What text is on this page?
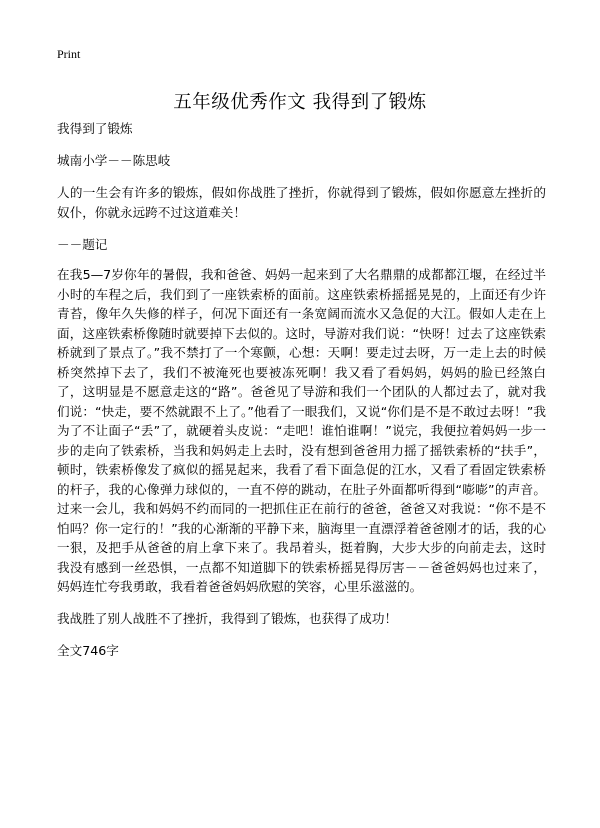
Print
五年级优秀作文 我得到了锻炼

我得到了锻炼

城南小学－－陈思岐

人的一生会有许多的锻炼，假如你战胜了挫折，你就得到了锻炼，假如你愿意左挫折的奴仆，你就永远跨不过这道难关！

－－题记

在我5—7岁你年的暑假，我和爸爸、妈妈一起来到了大名鼎鼎的成都都江堰，在经过半小时的车程之后，我们到了一座铁索桥的面前。这座铁索桥摇摇晃晃的，上面还有少许青苔，像年久失修的样子，何况下面还有一条宽阔而流水又急促的大江。假如人走在上面，这座铁索桥像随时就要掉下去似的。这时，导游对我们说：“快呀！过去了这座铁索桥就到了景点了。”我不禁打了一个寒颤，心想：天啊！要走过去呀，万一走上去的时候桥突然掉下去了，我们不被淹死也要被冻死啊！我又看了看妈妈，妈妈的脸已经煞白了，这明显是不愿意走这的“路”。爸爸见了导游和我们一个团队的人都过去了，就对我们说：“快走，要不然就跟不上了。”他看了一眼我们，又说“你们是不是不敢过去呀！”我为了不让面子“丢”了，就硬着头皮说：“走吧！谁怕谁啊！”说完，我便拉着妈妈一步一步的走向了铁索桥，当我和妈妈走上去时，没有想到爸爸用力摇了摇铁索桥的“扶手”，顿时，铁索桥像发了疯似的摇晃起来，我看了看下面急促的江水，又看了看固定铁索桥的杆子，我的心像弹力球似的，一直不停的跳动，在肚子外面都听得到“嘭嘭”的声音。过来一会儿，我和妈妈不约而同的一把抓住正在前行的爸爸，爸爸又对我说：“你不是不怕吗？你一定行的！”我的心渐渐的平静下来，脑海里一直漂浮着爸爸刚才的话，我的心一狠，及把手从爸爸的肩上拿下来了。我昂着头，挺着胸，大步大步的向前走去，这时我没有感到一丝恐惧，一点都不知道脚下的铁索桥摇晃得厉害－－爸爸妈妈也过来了，妈妈连忙夸我勇敢，我看着爸爸妈妈欣慰的笑容，心里乐滋滋的。

我战胜了别人战胜不了挫折，我得到了锻炼，也获得了成功！

全文746字
